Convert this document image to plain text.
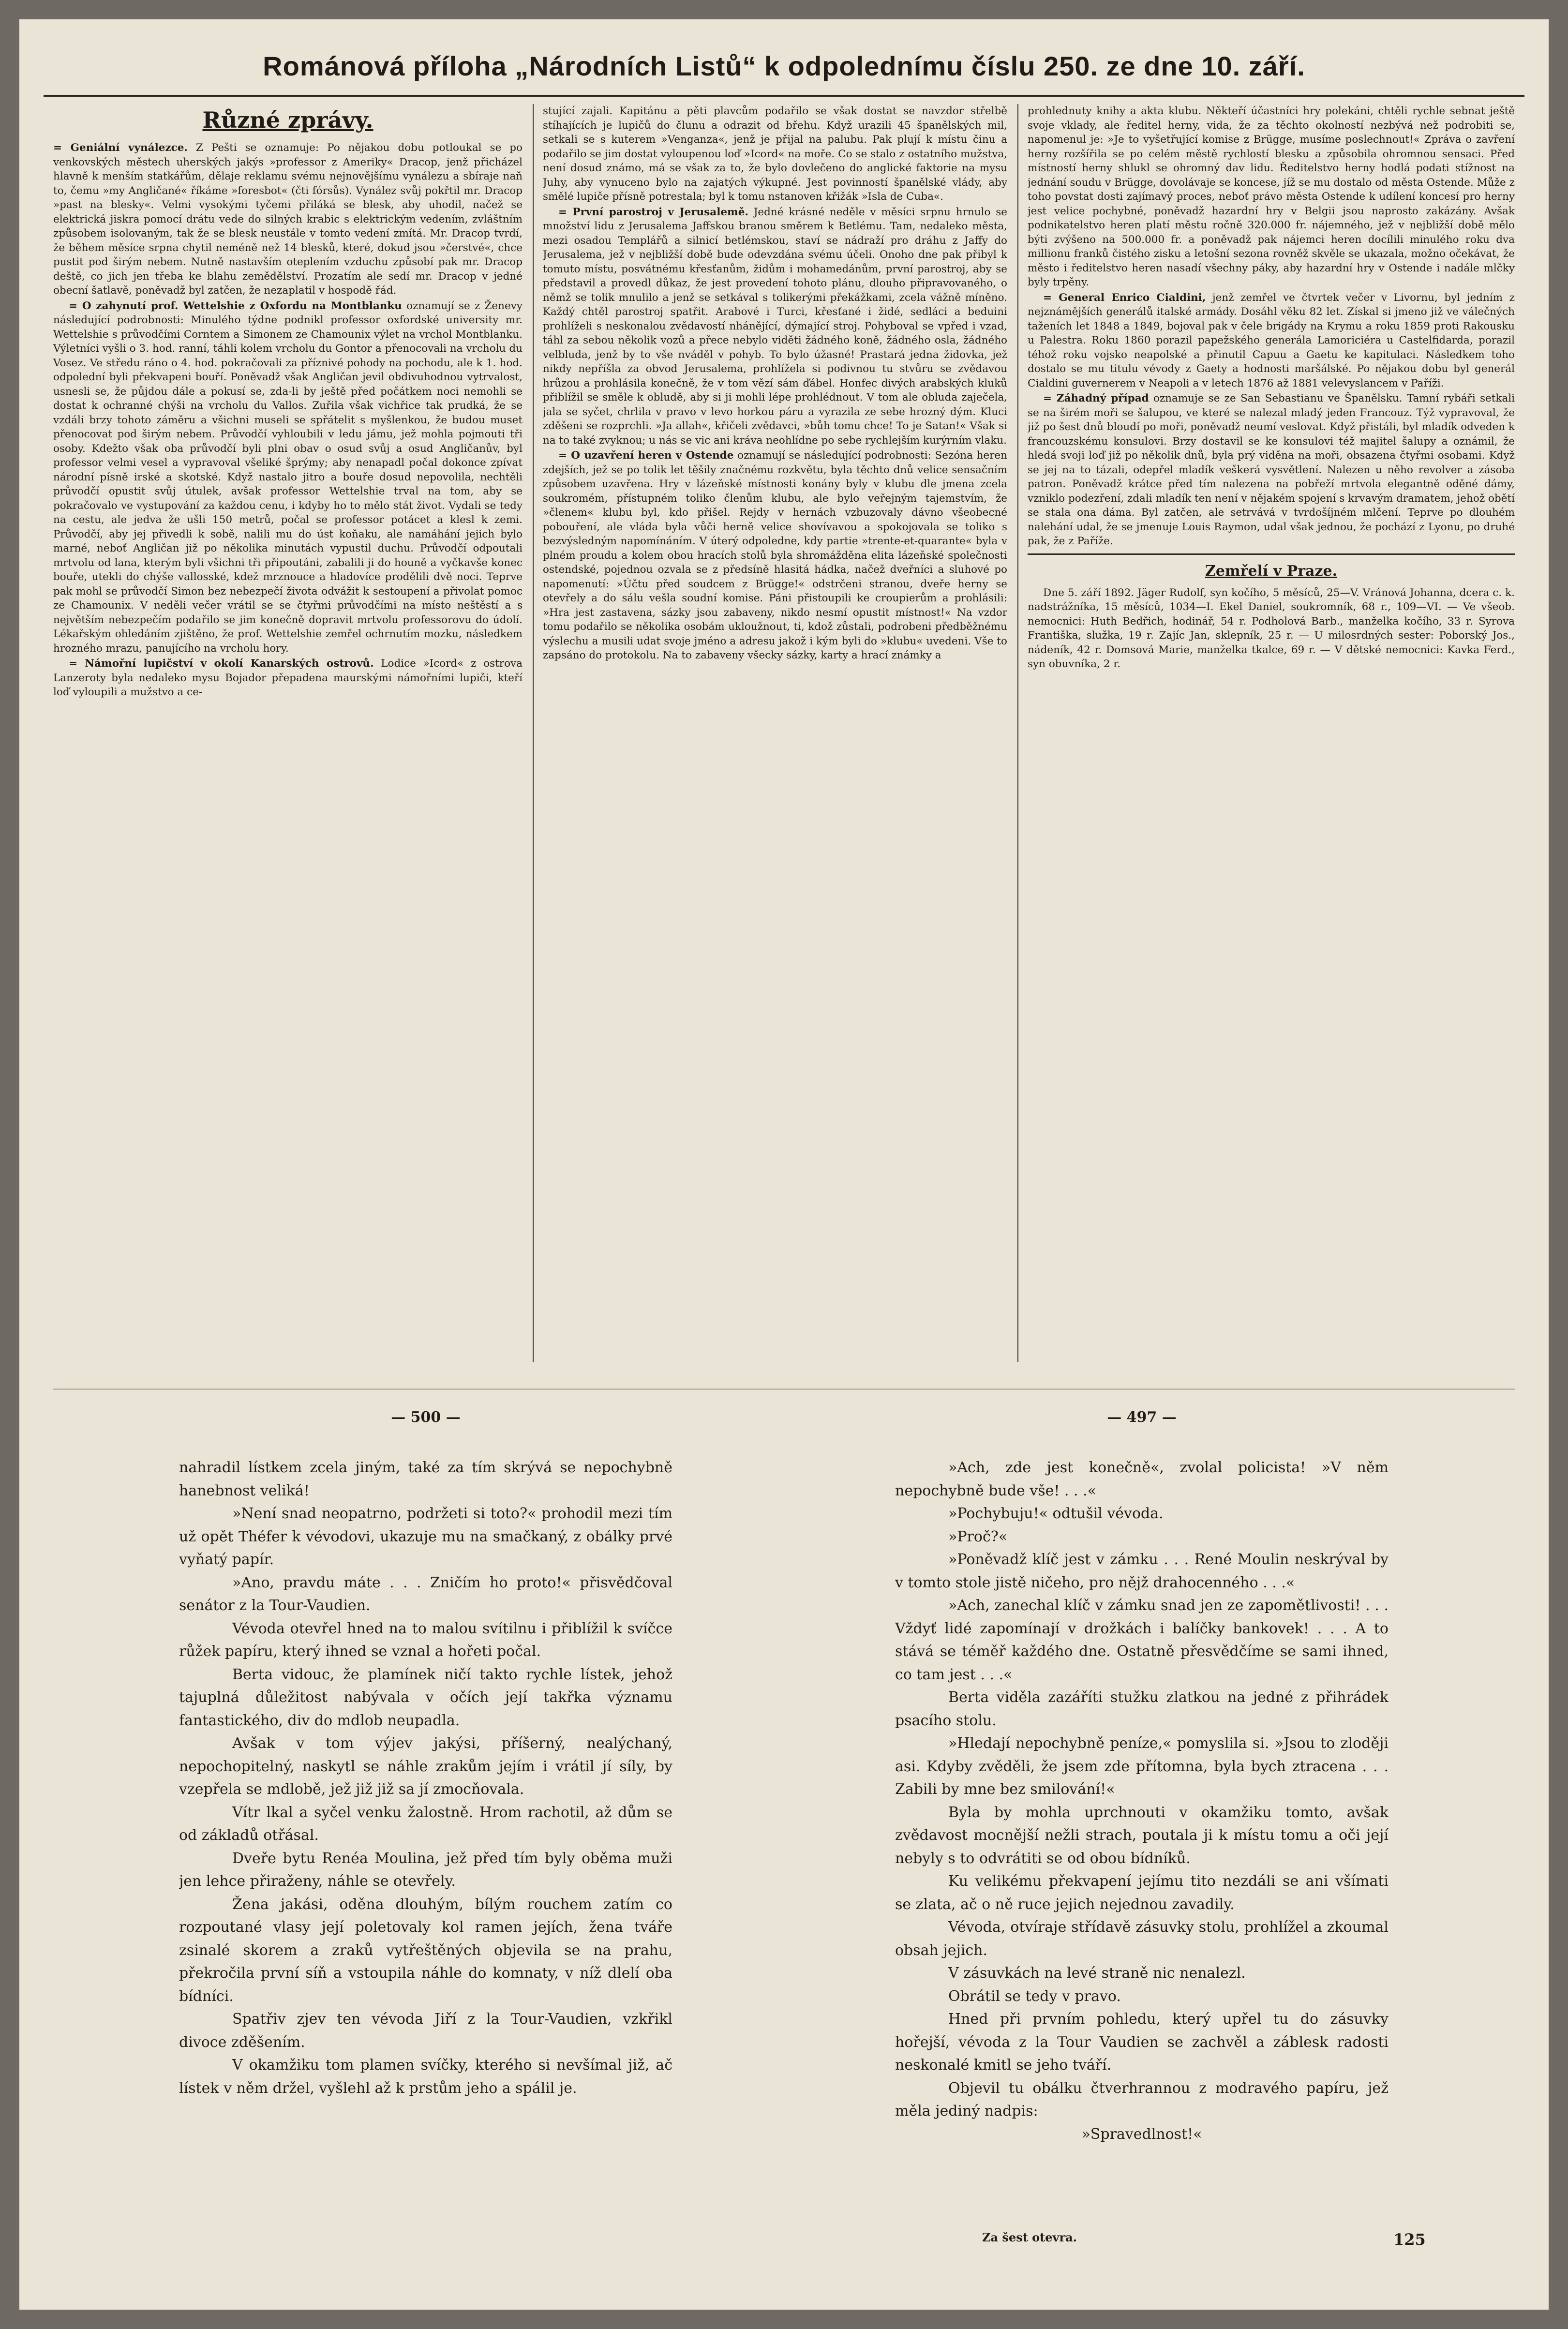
Románová příloha „Národních Listů“ k odpolednímu číslu 250. ze dne 10. září.
Různé zprávy.

= Geniální vynálezce. Z Pešti se oznamuje: Po nějakou dobu potloukal se po venkovských městech uherských jakýs »professor z Ameriky« Dracop, jenž přicházel hlavně k menším statkářům, dělaje reklamu svému nejnovějšímu vynálezu a sbíraje naň to, čemu »my Angličané« říkáme »foresbot« (čti fórsůs). Vynález svůj pokřtil mr. Dracop »past na blesky«. Velmi vysokými tyčemi přiláká se blesk, aby uhodil, načež se elektrická jiskra pomocí drátu vede do silných krabic s elektrickým vedením, zvláštním způsobem isolovaným, tak že se blesk neustále v tomto vedení zmítá. Mr. Dracop tvrdí, že během měsíce srpna chytil neméně než 14 blesků, které, dokud jsou »čerstvé«, chce pustit pod širým nebem. Nutně nastavším oteplením vzduchu způsobí pak mr. Dracop deště, co jich jen třeba ke blahu zemědělství. Prozatím ale sedí mr. Dracop v jedné obecní šatlavě, poněvadž byl zatčen, že nezaplatil v hospodě řád.

= O zahynutí prof. Wettelshie z Oxfordu na Montblanku oznamují se z Ženevy následující podrobnosti: Minulého týdne podnikl professor oxfordské university mr. Wettelshie s průvodčími Corntem a Simonem ze Chamounix výlet na vrchol Montblanku. Výletníci vyšli o 3. hod. ranní, táhli kolem vrcholu du Gontor a přenocovali na vrcholu du Vosez. Ve středu ráno o 4. hod. pokračovali za příznivé pohody na pochodu, ale k 1. hod. odpolední byli překvapeni bouří. Poněvadž však Angličan jevil obdivuhodnou vytrvalost, usnesli se, že půjdou dále a pokusí se, zda-li by ještě před počátkem noci nemohli se dostat k ochranné chýši na vrcholu du Vallos. Zuřila však vichřice tak prudká, že se vzdáli brzy tohoto záměru a všichni museli se spřátelit s myšlenkou, že budou muset přenocovat pod širým nebem. Průvodčí vyhloubili v ledu jámu, jež mohla pojmouti tři osoby. Kdežto však oba průvodčí byli plni obav o osud svůj a osud Angličanův, byl professor velmi vesel a vypravoval všeliké šprýmy; aby nenapadl počal dokonce zpívat národní písně irské a skotské. Když nastalo jitro a bouře dosud nepovolila, nechtěli průvodčí opustit svůj útulek, avšak professor Wettelshie trval na tom, aby se pokračovalo ve vystupování za každou cenu, i kdyby ho to mělo stát život. Vydali se tedy na cestu, ale jedva že ušli 150 metrů, počal se professor potácet a klesl k zemi. Průvodčí, aby jej přivedli k sobě, nalili mu do úst koňaku, ale namáhání jejich bylo marné, neboť Angličan již po několika minutách vypustil duchu. Průvodčí odpoutali mrtvolu od lana, kterým byli všichni tři připoutáni, zabalili ji do houně a vyčkavše konec bouře, utekli do chýše vallosské, kdež mrznouce a hladovíce prodělili dvě noci. Teprve pak mohl se průvodčí Simon bez nebezpečí života odvážit k sestoupení a přivolat pomoc ze Chamounix. V neděli večer vrátil se se čtyřmi průvodčími na místo neštěstí a s největším nebezpečím podařilo se jim konečně dopravit mrtvolu professorovu do údolí. Lékařským ohledáním zjištěno, že prof. Wettelshie zemřel ochrnutím mozku, následkem hrozného mrazu, panujícího na vrcholu hory.

= Námořní lupičství v okolí Kanarských ostrovů. Lodice »Icord« z ostrova Lanzeroty byla nedaleko mysu Bojador přepadena maurskými námořními lupiči, kteří loď vyloupili a mužstvo a ce-

stující zajali. Kapitánu a pěti plavcům podařilo se však dostat se navzdor střelbě stíhajících je lupičů do člunu a odrazit od břehu. Když urazili 45 španělských mil, setkali se s kuterem »Venganza«, jenž je přijal na palubu. Pak plují k místu činu a podařilo se jim dostat vyloupenou loď »Icord« na moře. Co se stalo z ostatního mužstva, není dosud známo, má se však za to, že bylo dovlečeno do anglické faktorie na mysu Juhy, aby vynuceno bylo na zajatých výkupné. Jest povinností španělské vlády, aby smělé lupiče přísně potrestala; byl k tomu nstanoven křižák »Isla de Cuba«.

= První parostroj v Jerusalemě. Jedné krásné neděle v měsíci srpnu hrnulo se množství lidu z Jerusalema Jaffskou branou směrem k Betlému. Tam, nedaleko města, mezi osadou Templářů a silnicí betlémskou, staví se nádraží pro dráhu z Jaffy do Jerusalema, jež v nejbližší době bude odevzdána svému účeli. Onoho dne pak přibyl k tomuto místu, posvátnému křesťanům, židům i mohamedánům, první parostroj, aby se představil a provedl důkaz, že jest provedení tohoto plánu, dlouho připravovaného, o němž se tolik mnulilo a jenž se setkával s tolikerými překážkami, zcela vážně míněno. Každý chtěl parostroj spatřit. Arabové i Turci, křesťané i židé, sedláci a beduini prohlíželi s neskonalou zvědavostí nhánějící, dýmající stroj. Pohyboval se vpřed i vzad, táhl za sebou několik vozů a přece nebylo viděti žádného koně, žádného osla, žádného velbluda, jenž by to vše nváděl v pohyb. To bylo úžasné! Prastará jedna židovka, jež nikdy nepříšla za obvod Jerusalema, prohlížela si podivnou tu stvůru se zvědavou hrůzou a prohlásila konečně, že v tom vězí sám ďábel. Honfec divých arabských kluků přiblížil se směle k obludě, aby si ji mohli lépe prohlédnout. V tom ale obluda zaječela, jala se syčet, chrlila v pravo v levo horkou páru a vyrazila ze sebe hrozný dým. Kluci zděšeni se rozprchli. »Ja allah«, křičeli zvědavci, »bůh tomu chce! To je Satan!« Však si na to také zvyknou; u nás se vic ani kráva neohlídne po sebe rychlejším kurýrním vlaku.

= O uzavření heren v Ostende oznamují se následující podrobnosti: Sezóna heren zdejších, jež se po tolik let těšily značnému rozkvětu, byla těchto dnů velice sensačním způsobem uzavřena. Hry v lázeňské místnosti konány byly v klubu dle jmena zcela soukromém, přístupném toliko členům klubu, ale bylo veřejným tajemstvím, že »členem« klubu byl, kdo přišel. Rejdy v hernách vzbuzovaly dávno všeobecné pobouření, ale vláda byla vůči herně velice shovívavou a spokojovala se toliko s bezvýsledným napomínáním. V úterý odpoledne, kdy partie »trente-et-quarante« byla v plném proudu a kolem obou hracích stolů byla shromážděna elita lázeňské společnosti ostendské, pojednou ozvala se z předsíně hlasitá hádka, načež dveřníci a sluhové po napomenutí: »Účtu před soudcem z Brügge!« odstrčeni stranou, dveře herny se otevřely a do sálu vešla soudní komise. Páni přistoupili ke croupierům a prohlásili: »Hra jest zastavena, sázky jsou zabaveny, nikdo nesmí opustit místnost!« Na vzdor tomu podařilo se několika osobám ukloužnout, ti, kdož zůstali, podrobeni předběžnému výslechu a musili udat svoje jméno a adresu jakož i kým byli do »klubu« uvedeni. Vše to zapsáno do protokolu. Na to zabaveny všecky sázky, karty a hrací známky a

prohlednuty knihy a akta klubu. Někteří účastníci hry polekáni, chtěli rychle sebnat ještě svoje vklady, ale ředitel herny, vida, že za těchto okolností nezbývá než podrobiti se, napomenul je: »Je to vyšetřující komise z Brügge, musíme poslechnout!« Zpráva o zavření herny rozšířila se po celém městě rychlostí blesku a způsobila ohromnou sensaci. Před místností herny shlukl se ohromný dav lidu. Ředitelstvo herny hodlá podati stížnost na jednání soudu v Brügge, dovolávaje se koncese, jíž se mu dostalo od města Ostende. Může z toho povstat dosti zajímavý proces, neboť právo města Ostende k udílení koncesí pro herny jest velice pochybné, poněvadž hazardní hry v Belgii jsou naprosto zakázány. Avšak podnikatelstvo heren platí městu ročně 320.000 fr. nájemného, jež v nejbližší době mělo býti zvýšeno na 500.000 fr. a poněvadž pak nájemci heren docílili minulého roku dva millionu franků čistého zisku a letošní sezona rovněž skvěle se ukazala, možno očekávat, že město i ředitelstvo heren nasadí všechny páky, aby hazardní hry v Ostende i nadále mlčky byly trpěny.

= General Enrico Cialdini, jenž zemřel ve čtvrtek večer v Livornu, byl jedním z nejznámějších generálů italské armády. Dosáhl věku 82 let. Získal si jmeno již ve válečných taženích let 1848 a 1849, bojoval pak v čele brigády na Krymu a roku 1859 proti Rakousku u Palestra. Roku 1860 porazil papežského generála Lamoriciéra u Castelfidarda, porazil téhož roku vojsko neapolské a přinutil Capuu a Gaetu ke kapitulaci. Následkem toho dostalo se mu titulu vévody z Gaety a hodnosti maršálské. Po nějakou dobu byl generál Cialdini guvernerem v Neapoli a v letech 1876 až 1881 velevyslancem v Paříži.

= Záhadný případ oznamuje se ze San Sebastianu ve Španělsku. Tamní rybáři setkali se na širém moři se šalupou, ve které se nalezal mladý jeden Francouz. Týž vypravoval, že již po šest dnů bloudí po moři, poněvadž neumí veslovat. Když přistáli, byl mladík odveden k francouzskému konsulovi. Brzy dostavil se ke konsulovi též majitel šalupy a oznámil, že hledá svoji loď již po několik dnů, byla prý viděna na moři, obsazena čtyřmi osobami. Když se jej na to tázali, odepřel mladík veškerá vysvětlení. Nalezen u něho revolver a zásoba patron. Poněvadž krátce před tím nalezena na pobřeží mrtvola elegantně oděné dámy, vzniklo podezření, zdali mladík ten není v nějakém spojení s krvavým dramatem, jehož obětí se stala ona dáma. Byl zatčen, ale setrvává v tvrdošíjném mlčení. Teprve po dlouhém nalehání udal, že se jmenuje Louis Raymon, udal však jednou, že pochází z Lyonu, po druhé pak, že z Paříže.

Zemřelí v Praze.

Dne 5. září 1892. Jäger Rudolf, syn kočího, 5 měsíců, 25—V. Vránová Johanna, dcera c. k. nadstrážníka, 15 měsíců, 1034—I. Ekel Daniel, soukromník, 68 r., 109—VI. — Ve všeob. nemocnici: Huth Bedřich, hodinář, 54 r. Podholová Barb., manželka kočího, 33 r. Syrova Františka, služka, 19 r. Zajíc Jan, sklepník, 25 r. — U milosrdných sester: Poborský Jos., nádeník, 42 r. Domsová Marie, manželka tkalce, 69 r. — V dětské nemocnici: Kavka Ferd., syn obuvníka, 2 r.

— 500 —	— 497 —

nahradil lístkem zcela jiným, také za tím skrývá se nepochybně hanebnost veliká!

»Není snad neopatrno, podržeti si toto?« prohodil mezi tím už opět Théfer k vévodovi, ukazuje mu na smačkaný, z obálky prvé vyňatý papír.

»Ano, pravdu máte . . . Zničím ho proto!« přisvědčoval senátor z la Tour-Vaudien.

Vévoda otevřel hned na to malou svítilnu i přiblížil k svíčce růžek papíru, který ihned se vznal a hořeti počal.

Berta vidouc, že plamínek ničí takto rychle lístek, jehož tajuplná důležitost nabývala v očích její takřka významu fantastického, div do mdlob neupadla.

Avšak v tom výjev jakýsi, příšerný, nealýchaný, nepochopitelný, naskytl se náhle zrakům jejím i vrátil jí síly, by vzepřela se mdlobě, jež již již sa jí zmocňovala.

Vítr lkal a syčel venku žalostně. Hrom rachotil, až dům se od základů otřásal.

Dveře bytu Renéa Moulina, jež před tím byly oběma muži jen lehce přiraženy, náhle se otevřely.

Žena jakási, oděna dlouhým, bílým rouchem zatím co rozpoutané vlasy její poletovaly kol ramen jejích, žena tváře zsinalé skorem a zraků vytřeštěných objevila se na prahu, překročila první síň a vstoupila náhle do komnaty, v níž dlelí oba bídníci.

Spatřiv zjev ten vévoda Jiří z la Tour-Vaudien, vzkřikl divoce zděšením.

V okamžiku tom plamen svíčky, kterého si nevšímal již, ač lístek v něm držel, vyšlehl až k prstům jeho a spálil je.

»Ach, zde jest konečně«, zvolal policista! »V něm nepochybně bude vše! . . .«

»Pochybuju!« odtušil vévoda.

»Proč?«

»Poněvadž klíč jest v zámku . . . René Moulin neskrýval by v tomto stole jistě ničeho, pro nějž drahocenného . . .«

»Ach, zanechal klíč v zámku snad jen ze zapomětlivosti! . . . Vždyť lidé zapomínají v drožkách i balíčky bankovek! . . . A to stává se téměř každého dne. Ostatně přesvědčíme se sami ihned, co tam jest . . .«

Berta viděla zazáříti stužku zlatkou na jedné z přihrádek psacího stolu.

»Hledají nepochybně peníze,« pomyslila si. »Jsou to zloději asi. Kdyby zvěděli, že jsem zde přítomna, byla bych ztracena . . . Zabili by mne bez smilování!«

Byla by mohla uprchnouti v okamžiku tomto, avšak zvědavost mocnější nežli strach, poutala ji k místu tomu a oči její nebyly s to odvrátiti se od obou bídníků.

Ku velikému překvapení jejímu tito nezdáli se ani všímati se zlata, ač o ně ruce jejich nejednou zavadily.

Vévoda, otvíraje střídavě zásuvky stolu, prohlížel a zkoumal obsah jejich.

V zásuvkách na levé straně nic nenalezl.

Obrátil se tedy v pravo.

Hned při prvním pohledu, který upřel tu do zásuvky hořejší, vévoda z la Tour Vaudien se zachvěl a záblesk radosti neskonalé kmitl se jeho tváří.

Objevil tu obálku čtverhrannou z modravého papíru, jež měla jediný nadpis:

»Spravedlnost!«

Za šest otevra.	125
